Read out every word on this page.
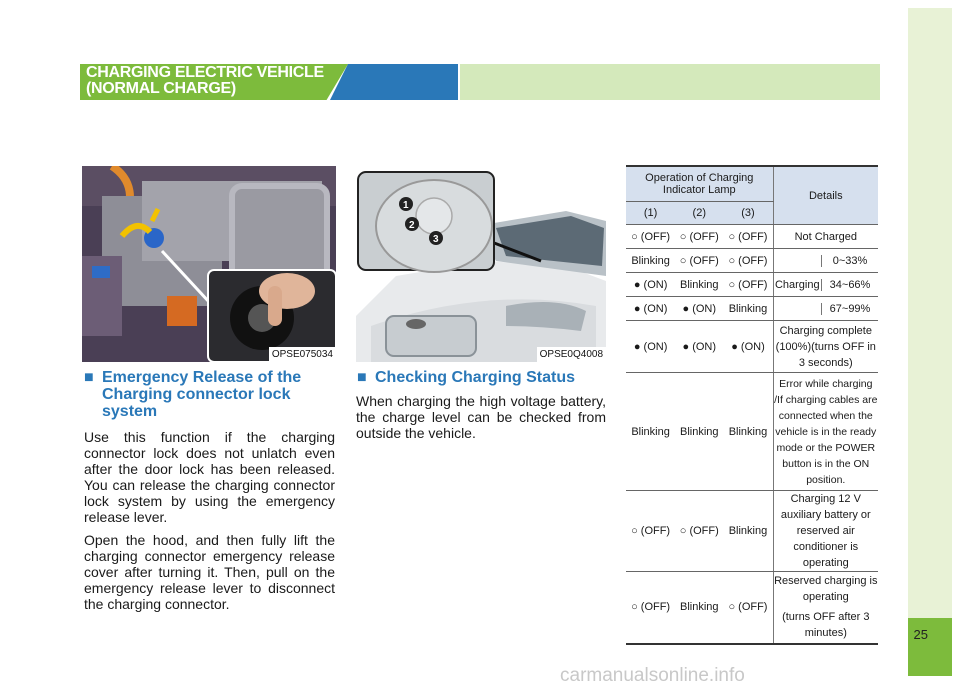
25
CHARGING ELECTRIC VEHICLE
(NORMAL CHARGE)
OPSE075034
1
2
3
OPSE0Q4008
■ Emergency Release of the Charging connector lock system

Use this function if the charging connector lock does not unlatch even after the door lock has been released. You can release the charging connector lock system by using the emergency release lever.

Open the hood, and then fully lift the charging connector emergency release cover after turning it. Then, pull on the emergency release lever to disconnect the charging connector.

■ Checking Charging Status

When charging the high voltage battery, the charge level can be checked from outside the vehicle.

Operation of Charging Indicator Lamp			Details
(1)	(2)	(3)	
○ (OFF)	○ (OFF)	○ (OFF)	Not Charged
Blinking	○ (OFF)	○ (OFF)	0~33%

● (ON)	Blinking	○ (OFF)	Charging 34~66%

● (ON)	● (ON)	Blinking	67~99%

● (ON)	● (ON)	● (ON)	Charging complete (100%)(turns OFF in 3 seconds)
Blinking	Blinking	Blinking	Error while charging /If charging cables are connected when the vehicle is in the ready mode or the POWER button is in the ON position.
○ (OFF)	○ (OFF)	Blinking	Charging 12 V auxiliary battery or reserved air conditioner is operating
○ (OFF)	Blinking	○ (OFF)	Reserved charging is operating
(turns OFF after 3 minutes)
carmanualsonline.info
